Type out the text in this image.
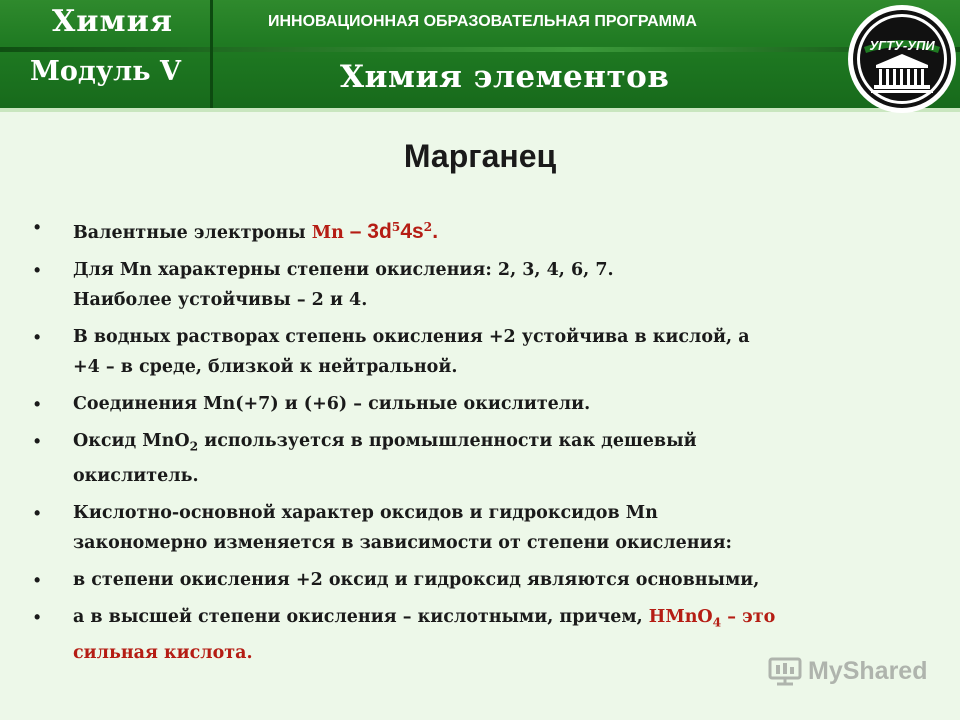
Химия
Модуль V
ИННОВАЦИОННАЯ ОБРАЗОВАТЕЛЬНАЯ ПРОГРАММА
Химия элементов
УГТУ-УПИ
Марганец
• Валентные электроны Mn – $3d^54s^2$.
• Для Mn характерны степени окисления: 2, 3, 4, 6, 7.
Наиболее устойчивы – 2 и 4.
• В водных растворах степень окисления +2 устойчива в кислой, а
+4 – в среде, близкой к нейтральной.
• Соединения Mn(+7) и (+6) – сильные окислители.
• Оксид MnO$_2$ используется в промышленности как дешевый
окислитель.
• Кислотно-основной характер оксидов и гидроксидов Mn
закономерно изменяется в зависимости от степени окисления:
• в степени окисления +2 оксид и гидроксид являются основными,
• а в высшей степени окисления – кислотными, причем, HMnO$_4$ – это
сильная кислота.
MyShared
